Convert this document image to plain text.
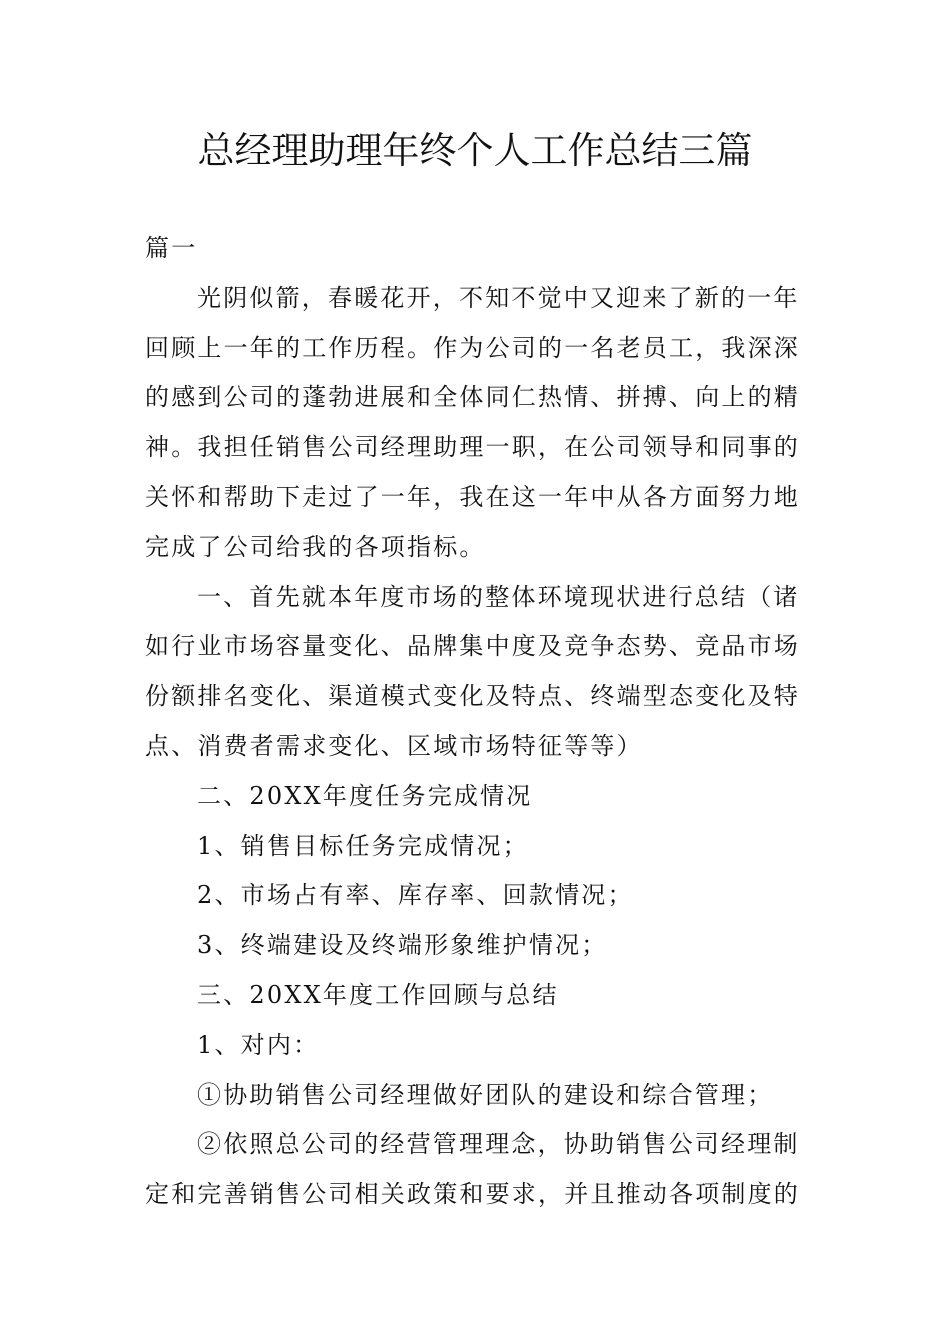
总经理助理年终个人工作总结三篇

篇一

光阴似箭，春暖花开，不知不觉中又迎来了新的一年回顾上一年的工作历程。作为公司的一名老员工，我深深的感到公司的蓬勃进展和全体同仁热情、拼搏、向上的精神。我担任销售公司经理助理一职，在公司领导和同事的关怀和帮助下走过了一年，我在这一年中从各方面努力地完成了公司给我的各项指标。

一、首先就本年度市场的整体环境现状进行总结（诸如行业市场容量变化、品牌集中度及竞争态势、竞品市场份额排名变化、渠道模式变化及特点、终端型态变化及特点、消费者需求变化、区域市场特征等等）

二、20XX年度任务完成情况

1、销售目标任务完成情况；

2、市场占有率、库存率、回款情况；

3、终端建设及终端形象维护情况；

三、20XX年度工作回顾与总结

1、对内：

①协助销售公司经理做好团队的建设和综合管理；

②依照总公司的经营管理理念，协助销售公司经理制定和完善销售公司相关政策和要求，并且推动各项制度的
